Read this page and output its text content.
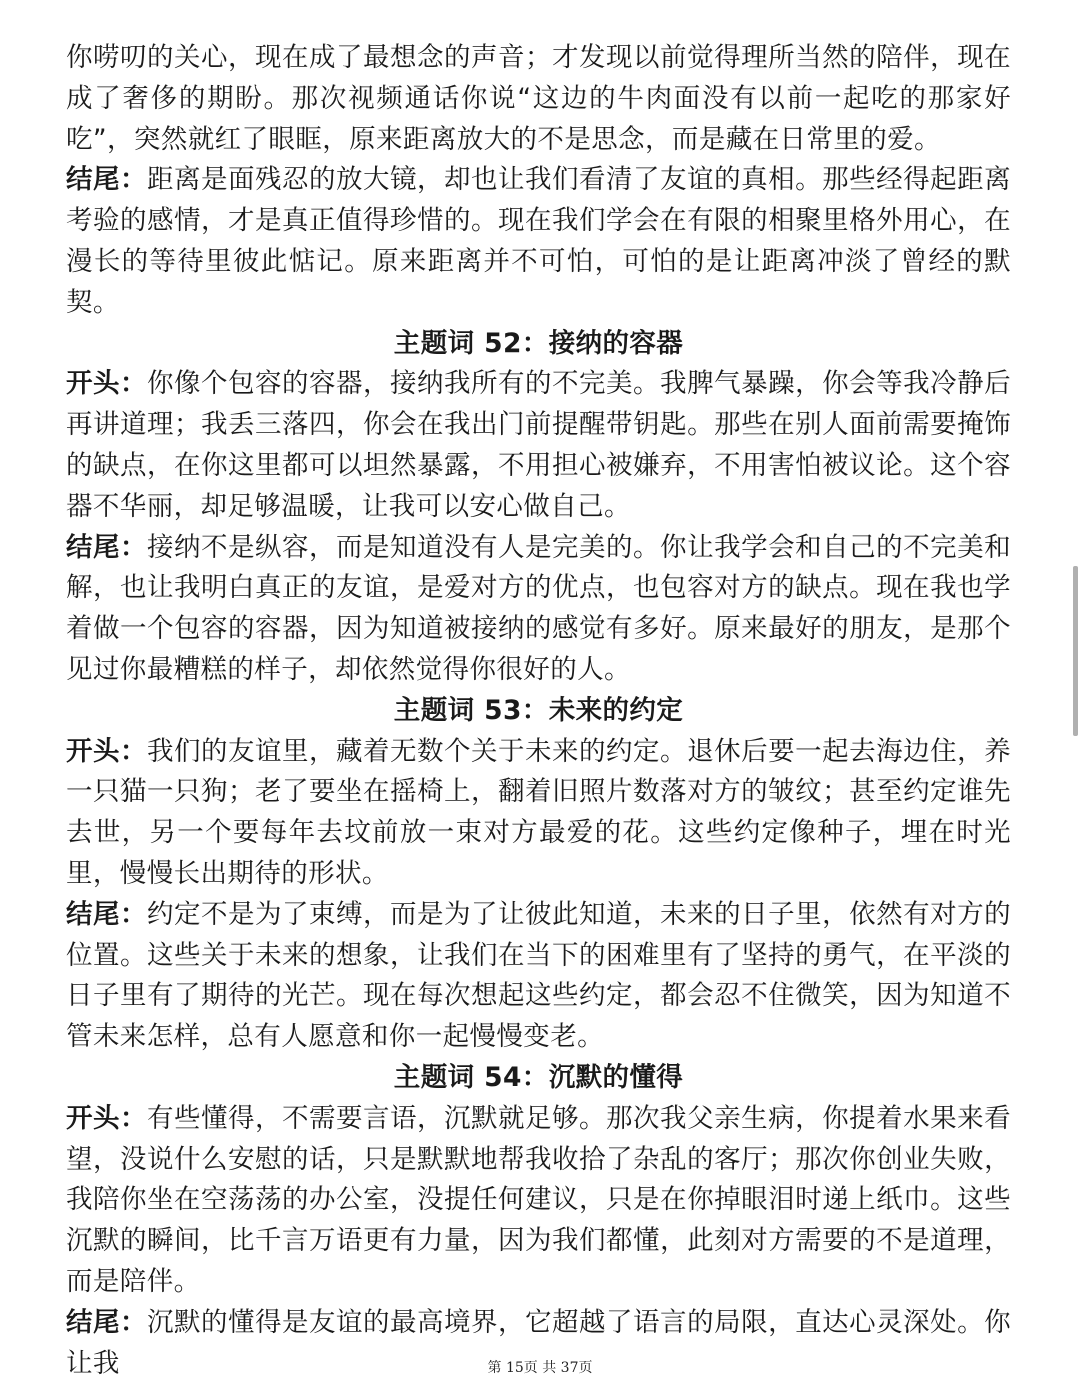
你唠叨的关心，现在成了最想念的声音；才发现以前觉得理所当然的陪伴，现在成了奢侈的期盼。那次视频通话你说“这边的牛肉面没有以前一起吃的那家好吃”，突然就红了眼眶，原来距离放大的不是思念，而是藏在日常里的爱。

结尾：距离是面残忍的放大镜，却也让我们看清了友谊的真相。那些经得起距离考验的感情，才是真正值得珍惜的。现在我们学会在有限的相聚里格外用心，在漫长的等待里彼此惦记。原来距离并不可怕，可怕的是让距离冲淡了曾经的默契。

主题词 52：接纳的容器

开头：你像个包容的容器，接纳我所有的不完美。我脾气暴躁，你会等我冷静后再讲道理；我丢三落四，你会在我出门前提醒带钥匙。那些在别人面前需要掩饰的缺点，在你这里都可以坦然暴露，不用担心被嫌弃，不用害怕被议论。这个容器不华丽，却足够温暖，让我可以安心做自己。

结尾：接纳不是纵容，而是知道没有人是完美的。你让我学会和自己的不完美和解，也让我明白真正的友谊，是爱对方的优点，也包容对方的缺点。现在我也学着做一个包容的容器，因为知道被接纳的感觉有多好。原来最好的朋友，是那个见过你最糟糕的样子，却依然觉得你很好的人。

主题词 53：未来的约定

开头：我们的友谊里，藏着无数个关于未来的约定。退休后要一起去海边住，养一只猫一只狗；老了要坐在摇椅上，翻着旧照片数落对方的皱纹；甚至约定谁先去世，另一个要每年去坟前放一束对方最爱的花。这些约定像种子，埋在时光里，慢慢长出期待的形状。

结尾：约定不是为了束缚，而是为了让彼此知道，未来的日子里，依然有对方的位置。这些关于未来的想象，让我们在当下的困难里有了坚持的勇气，在平淡的日子里有了期待的光芒。现在每次想起这些约定，都会忍不住微笑，因为知道不管未来怎样，总有人愿意和你一起慢慢变老。

主题词 54：沉默的懂得

开头：有些懂得，不需要言语，沉默就足够。那次我父亲生病，你提着水果来看望，没说什么安慰的话，只是默默地帮我收拾了杂乱的客厅；那次你创业失败，我陪你坐在空荡荡的办公室，没提任何建议，只是在你掉眼泪时递上纸巾。这些沉默的瞬间，比千言万语更有力量，因为我们都懂，此刻对方需要的不是道理，而是陪伴。

结尾：沉默的懂得是友谊的最高境界，它超越了语言的局限，直达心灵深处。你让我	第 15页 共 37页
